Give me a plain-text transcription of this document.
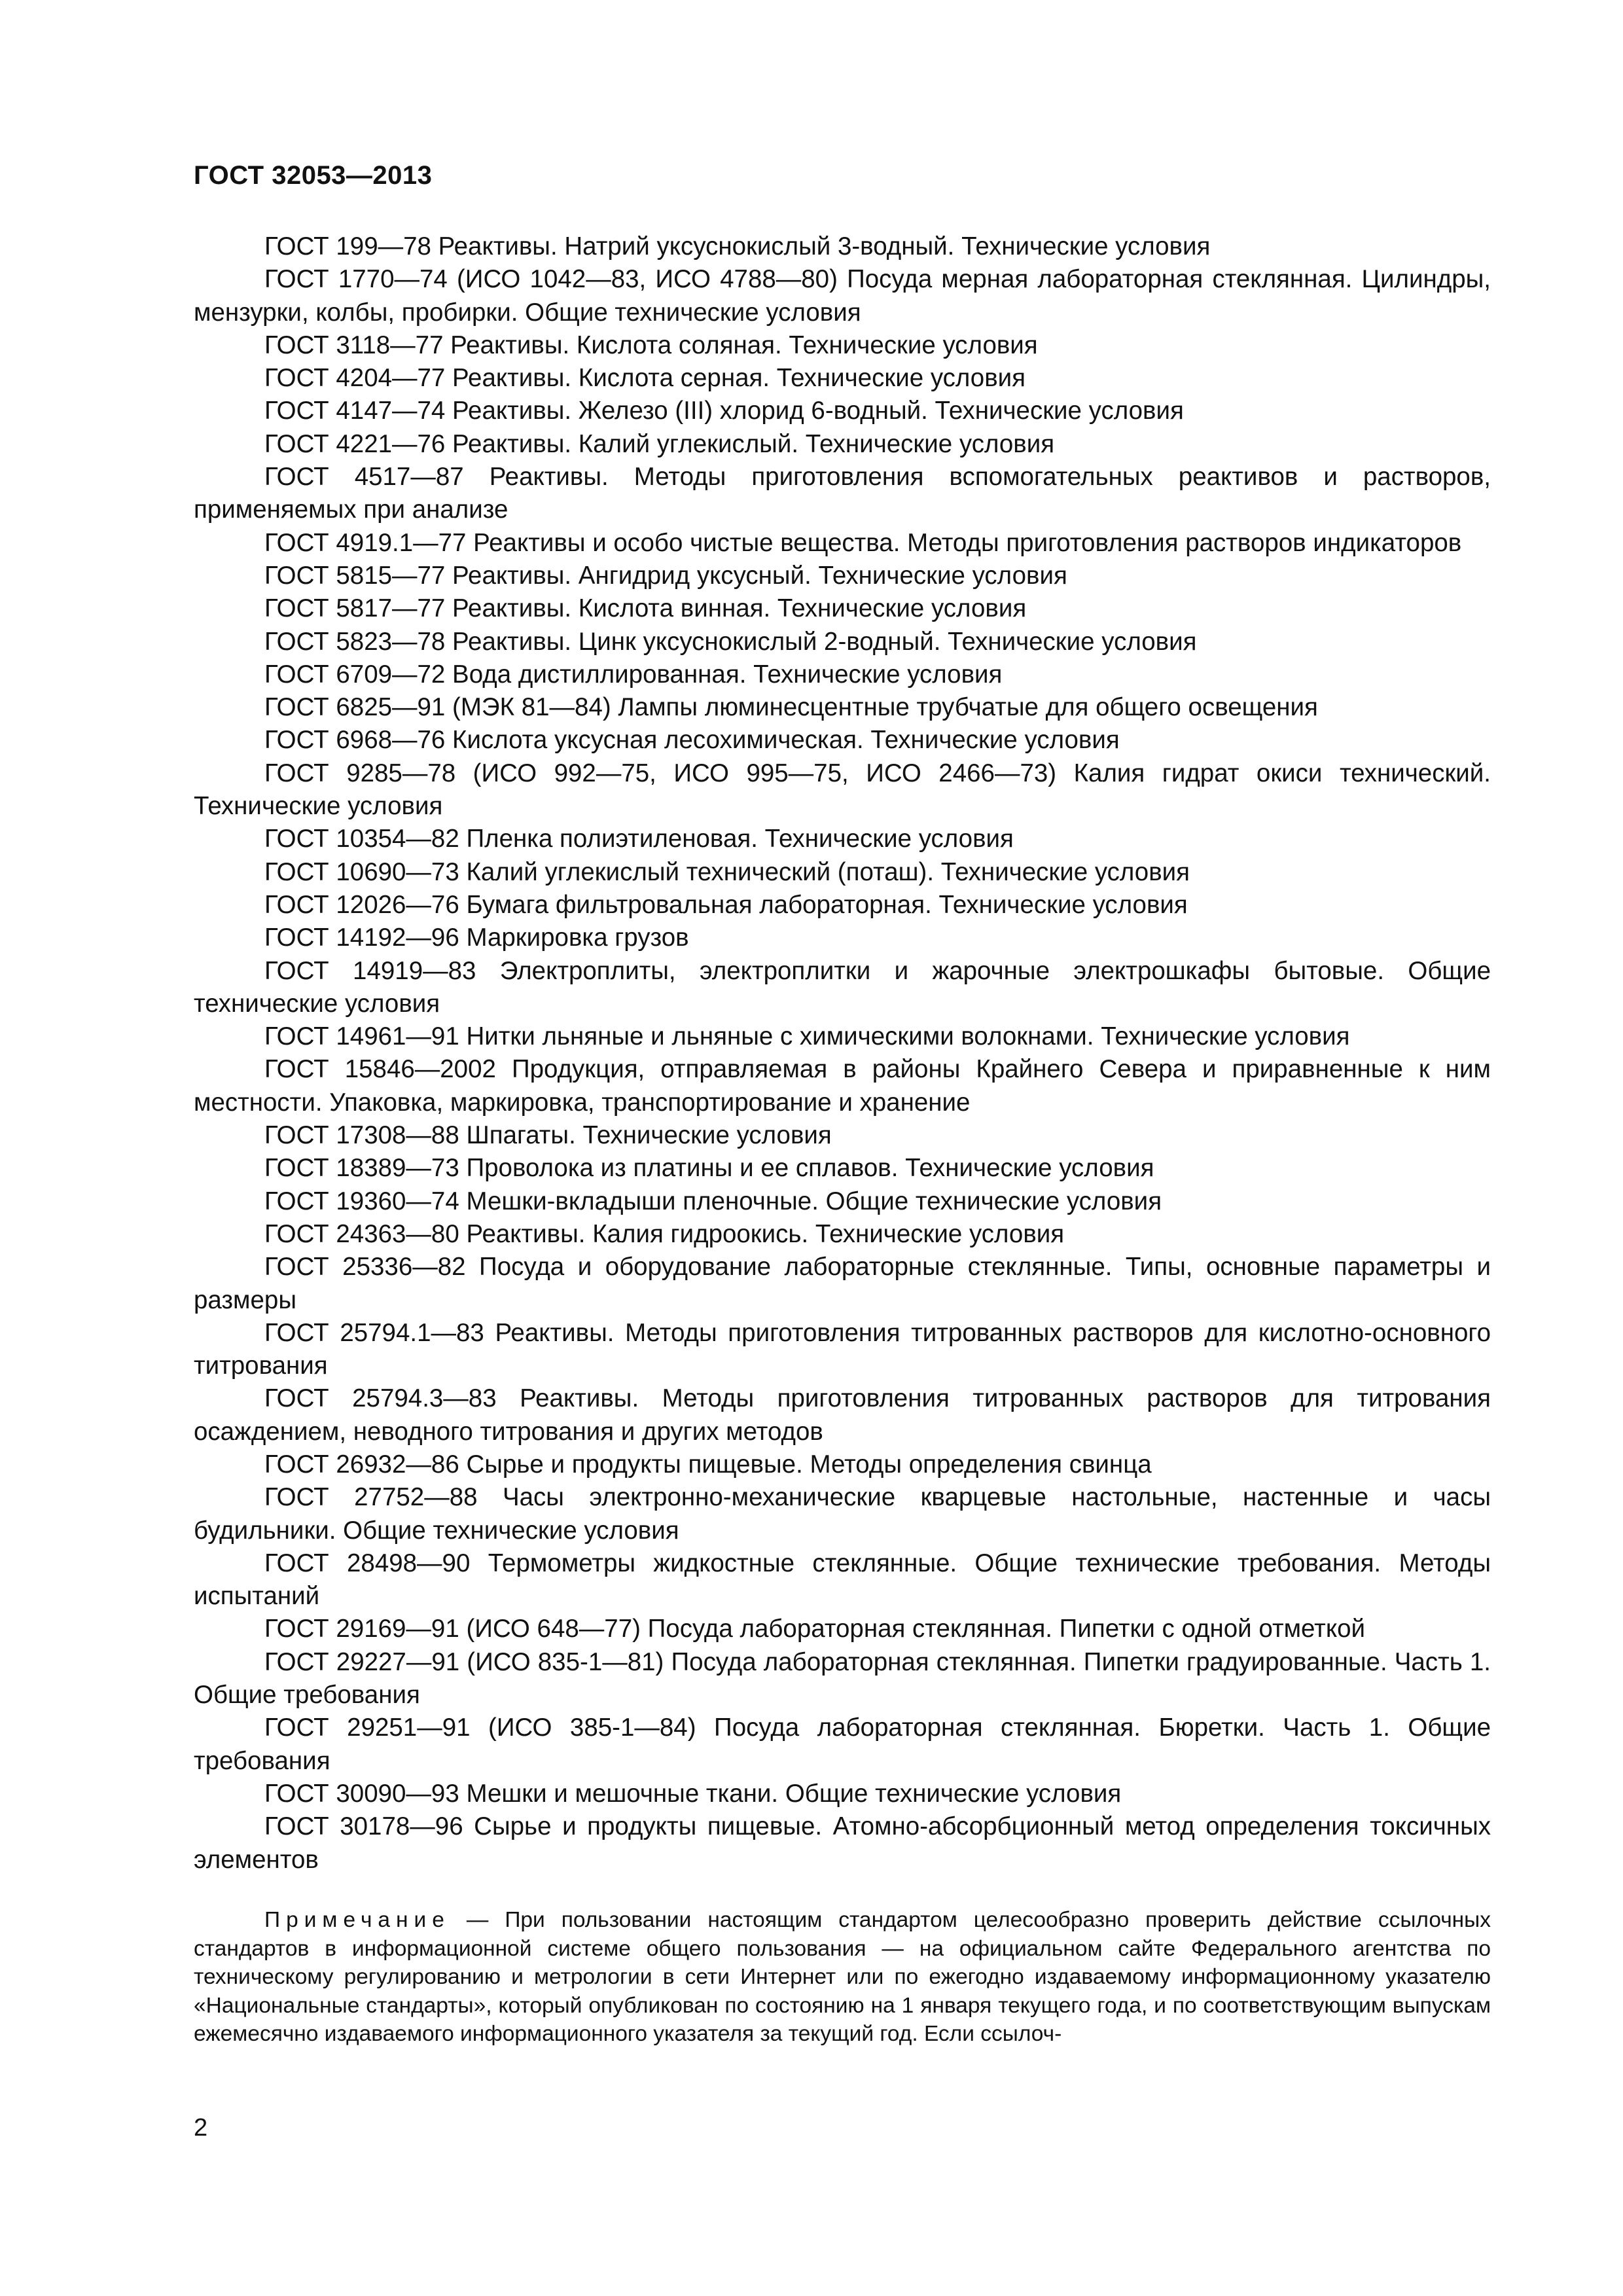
ГОСТ 32053—2013

ГОСТ 199—78 Реактивы. Натрий уксуснокислый 3-водный. Технические условия

ГОСТ 1770—74 (ИСО 1042—83, ИСО 4788—80) Посуда мерная лабораторная стеклянная. Цилиндры, мензурки, колбы, пробирки. Общие технические условия

ГОСТ 3118—77 Реактивы. Кислота соляная. Технические условия

ГОСТ 4204—77 Реактивы. Кислота серная. Технические условия

ГОСТ 4147—74 Реактивы. Железо (III) хлорид 6-водный. Технические условия

ГОСТ 4221—76 Реактивы. Калий углекислый. Технические условия

ГОСТ 4517—87 Реактивы. Методы приготовления вспомогательных реактивов и растворов, применяемых при анализе

ГОСТ 4919.1—77 Реактивы и особо чистые вещества. Методы приготовления растворов индикаторов

ГОСТ 5815—77 Реактивы. Ангидрид уксусный. Технические условия

ГОСТ 5817—77 Реактивы. Кислота винная. Технические условия

ГОСТ 5823—78 Реактивы. Цинк уксуснокислый 2-водный. Технические условия

ГОСТ 6709—72 Вода дистиллированная. Технические условия

ГОСТ 6825—91 (МЭК 81—84) Лампы люминесцентные трубчатые для общего освещения

ГОСТ 6968—76 Кислота уксусная лесохимическая. Технические условия

ГОСТ 9285—78 (ИСО 992—75, ИСО 995—75, ИСО 2466—73) Калия гидрат окиси технический. Технические условия

ГОСТ 10354—82 Пленка полиэтиленовая. Технические условия

ГОСТ 10690—73 Калий углекислый технический (поташ). Технические условия

ГОСТ 12026—76 Бумага фильтровальная лабораторная. Технические условия

ГОСТ 14192—96 Маркировка грузов

ГОСТ 14919—83 Электроплиты, электроплитки и жарочные электрошкафы бытовые. Общие технические условия

ГОСТ 14961—91 Нитки льняные и льняные с химическими волокнами. Технические условия

ГОСТ 15846—2002 Продукция, отправляемая в районы Крайнего Севера и приравненные к ним местности. Упаковка, маркировка, транспортирование и хранение

ГОСТ 17308—88 Шпагаты. Технические условия

ГОСТ 18389—73 Проволока из платины и ее сплавов. Технические условия

ГОСТ 19360—74 Мешки-вкладыши пленочные. Общие технические условия

ГОСТ 24363—80 Реактивы. Калия гидроокись. Технические условия

ГОСТ 25336—82 Посуда и оборудование лабораторные стеклянные. Типы, основные параметры и размеры

ГОСТ 25794.1—83 Реактивы. Методы приготовления титрованных растворов для кислотно-основного титрования

ГОСТ 25794.3—83 Реактивы. Методы приготовления титрованных растворов для титрования осаждением, неводного титрования и других методов

ГОСТ 26932—86 Сырье и продукты пищевые. Методы определения свинца

ГОСТ 27752—88 Часы электронно-механические кварцевые настольные, настенные и часы будильники. Общие технические условия

ГОСТ 28498—90 Термометры жидкостные стеклянные. Общие технические требования. Методы испытаний

ГОСТ 29169—91 (ИСО 648—77) Посуда лабораторная стеклянная. Пипетки с одной отметкой

ГОСТ 29227—91 (ИСО 835-1—81) Посуда лабораторная стеклянная. Пипетки градуированные. Часть 1. Общие требования

ГОСТ 29251—91 (ИСО 385-1—84) Посуда лабораторная стеклянная. Бюретки. Часть 1. Общие требования

ГОСТ 30090—93 Мешки и мешочные ткани. Общие технические условия

ГОСТ 30178—96 Сырье и продукты пищевые. Атомно-абсорбционный метод определения токсичных элементов

Примечание — При пользовании настоящим стандартом целесообразно проверить действие ссылочных стандартов в информационной системе общего пользования — на официальном сайте Федерального агентства по техническому регулированию и метрологии в сети Интернет или по ежегодно издаваемому информационному указателю «Национальные стандарты», который опубликован по состоянию на 1 января текущего года, и по соответствующим выпускам ежемесячно издаваемого информационного указателя за текущий год. Если ссылоч-

2
